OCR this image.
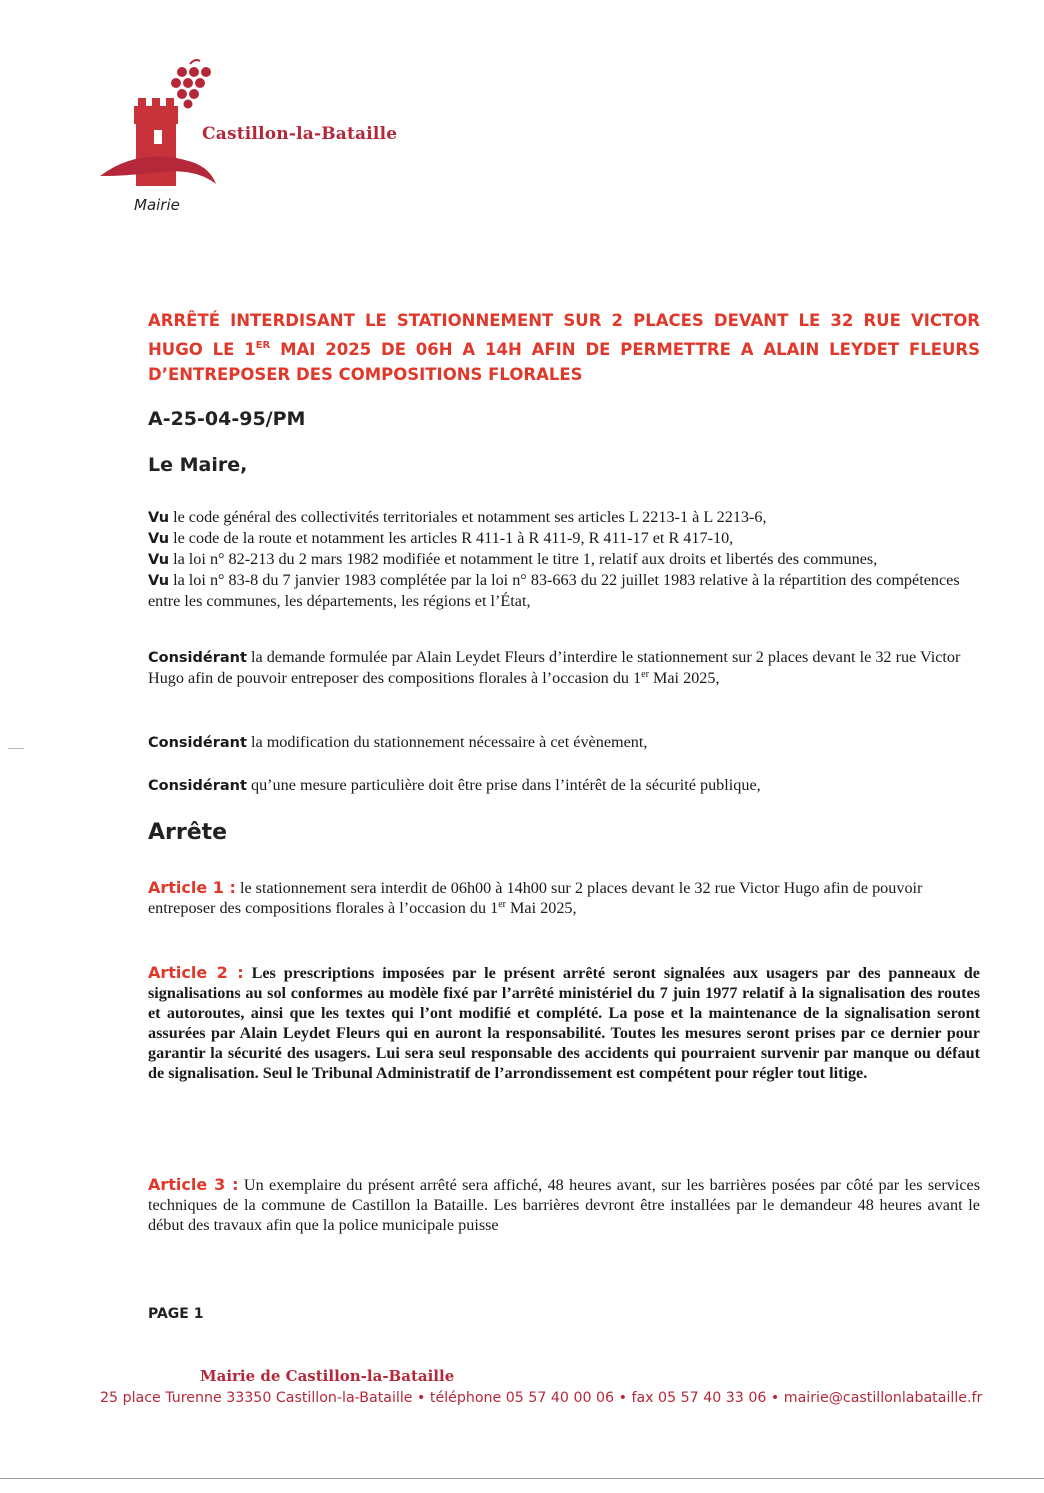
Castillon-la-Bataille
Mairie
ARRÊTÉ INTERDISANT LE STATIONNEMENT SUR 2 PLACES DEVANT LE 32 RUE VICTOR HUGO LE 1ER MAI 2025 DE 06H A 14H AFIN DE PERMETTRE A ALAIN LEYDET FLEURS D’ENTREPOSER DES COMPOSITIONS FLORALES
A-25-04-95/PM
Le Maire,
Vu le code général des collectivités territoriales et notamment ses articles L 2213-1 à L 2213-6,
Vu le code de la route et notamment les articles R 411-1 à R 411-9, R 411-17 et R 417-10,
Vu la loi n° 82-213 du 2 mars 1982 modifiée et notamment le titre 1, relatif aux droits et libertés des communes,
Vu la loi n° 83-8 du 7 janvier 1983 complétée par la loi n° 83-663 du 22 juillet 1983 relative à la répartition des compétences entre les communes, les départements, les régions et l’État,
Considérant la demande formulée par Alain Leydet Fleurs d’interdire le stationnement sur 2 places devant le 32 rue Victor Hugo afin de pouvoir entreposer des compositions florales à l’occasion du 1er Mai 2025,
Considérant la modification du stationnement nécessaire à cet évènement,
Considérant qu’une mesure particulière doit être prise dans l’intérêt de la sécurité publique,
Arrête
Article 1 : le stationnement sera interdit de 06h00 à 14h00 sur 2 places devant le 32 rue Victor Hugo afin de pouvoir entreposer des compositions florales à l’occasion du 1er Mai 2025,
Article 2 : Les prescriptions imposées par le présent arrêté seront signalées aux usagers par des panneaux de signalisations au sol conformes au modèle fixé par l’arrêté ministériel du 7 juin 1977 relatif à la signalisation des routes et autoroutes, ainsi que les textes qui l’ont modifié et complété. La pose et la maintenance de la signalisation seront assurées par Alain Leydet Fleurs qui en auront la responsabilité. Toutes les mesures seront prises par ce dernier pour garantir la sécurité des usagers. Lui sera seul responsable des accidents qui pourraient survenir par manque ou défaut de signalisation. Seul le Tribunal Administratif de l’arrondissement est compétent pour régler tout litige.
Article 3 : Un exemplaire du présent arrêté sera affiché, 48 heures avant, sur les barrières posées par côté par les services techniques de la commune de Castillon la Bataille. Les barrières devront être installées par le demandeur 48 heures avant le début des travaux afin que la police municipale puisse
PAGE 1
Mairie de Castillon-la-Bataille
25 place Turenne 33350 Castillon-la-Bataille • téléphone 05 57 40 00 06 • fax 05 57 40 33 06 • mairie@castillonlabataille.fr
